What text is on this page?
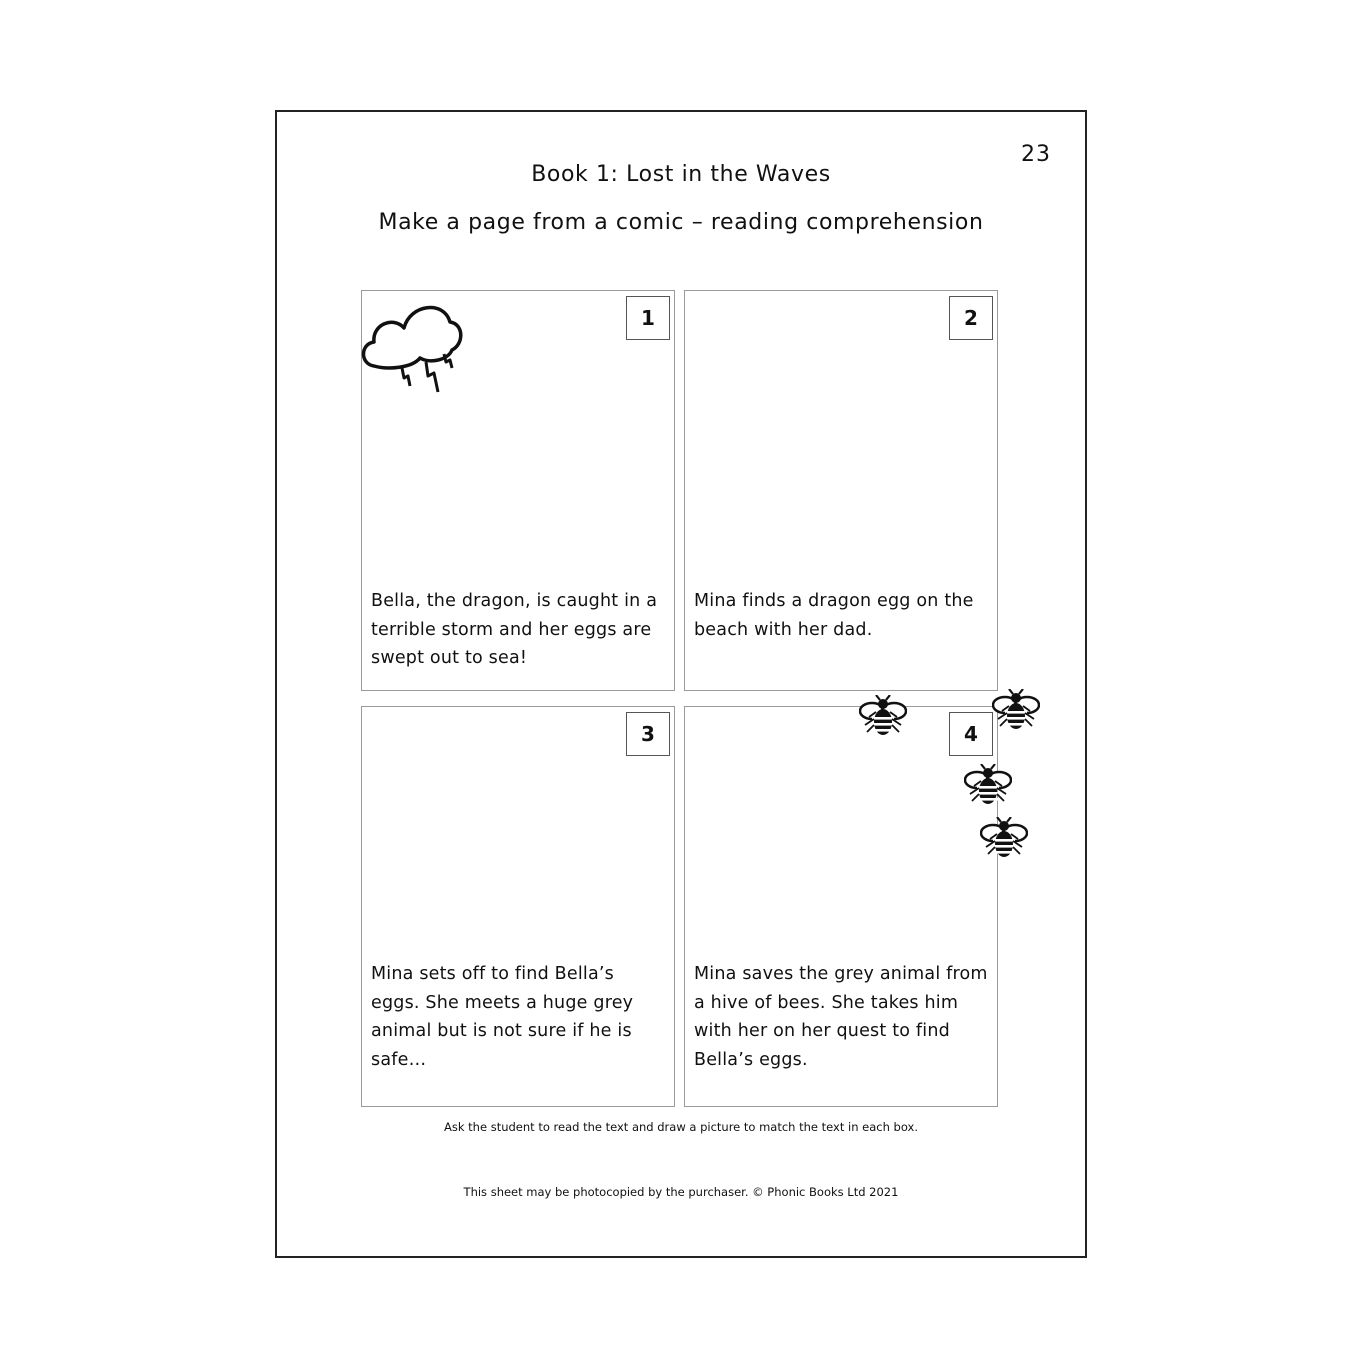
23
Book 1: Lost in the Waves
Make a page from a comic – reading comprehension
1
Bella, the dragon, is caught in a terrible storm and her eggs are swept out to sea!
2
Mina finds a dragon egg on the beach with her dad.
3
Mina sets off to find Bella’s eggs. She meets a huge grey animal but is not sure if he is safe…
4
Mina saves the grey animal from a hive of bees. She takes him with her on her quest to find Bella’s eggs.
Ask the student to read the text and draw a picture to match the text in each box.
This sheet may be photocopied by the purchaser. © Phonic Books Ltd 2021
